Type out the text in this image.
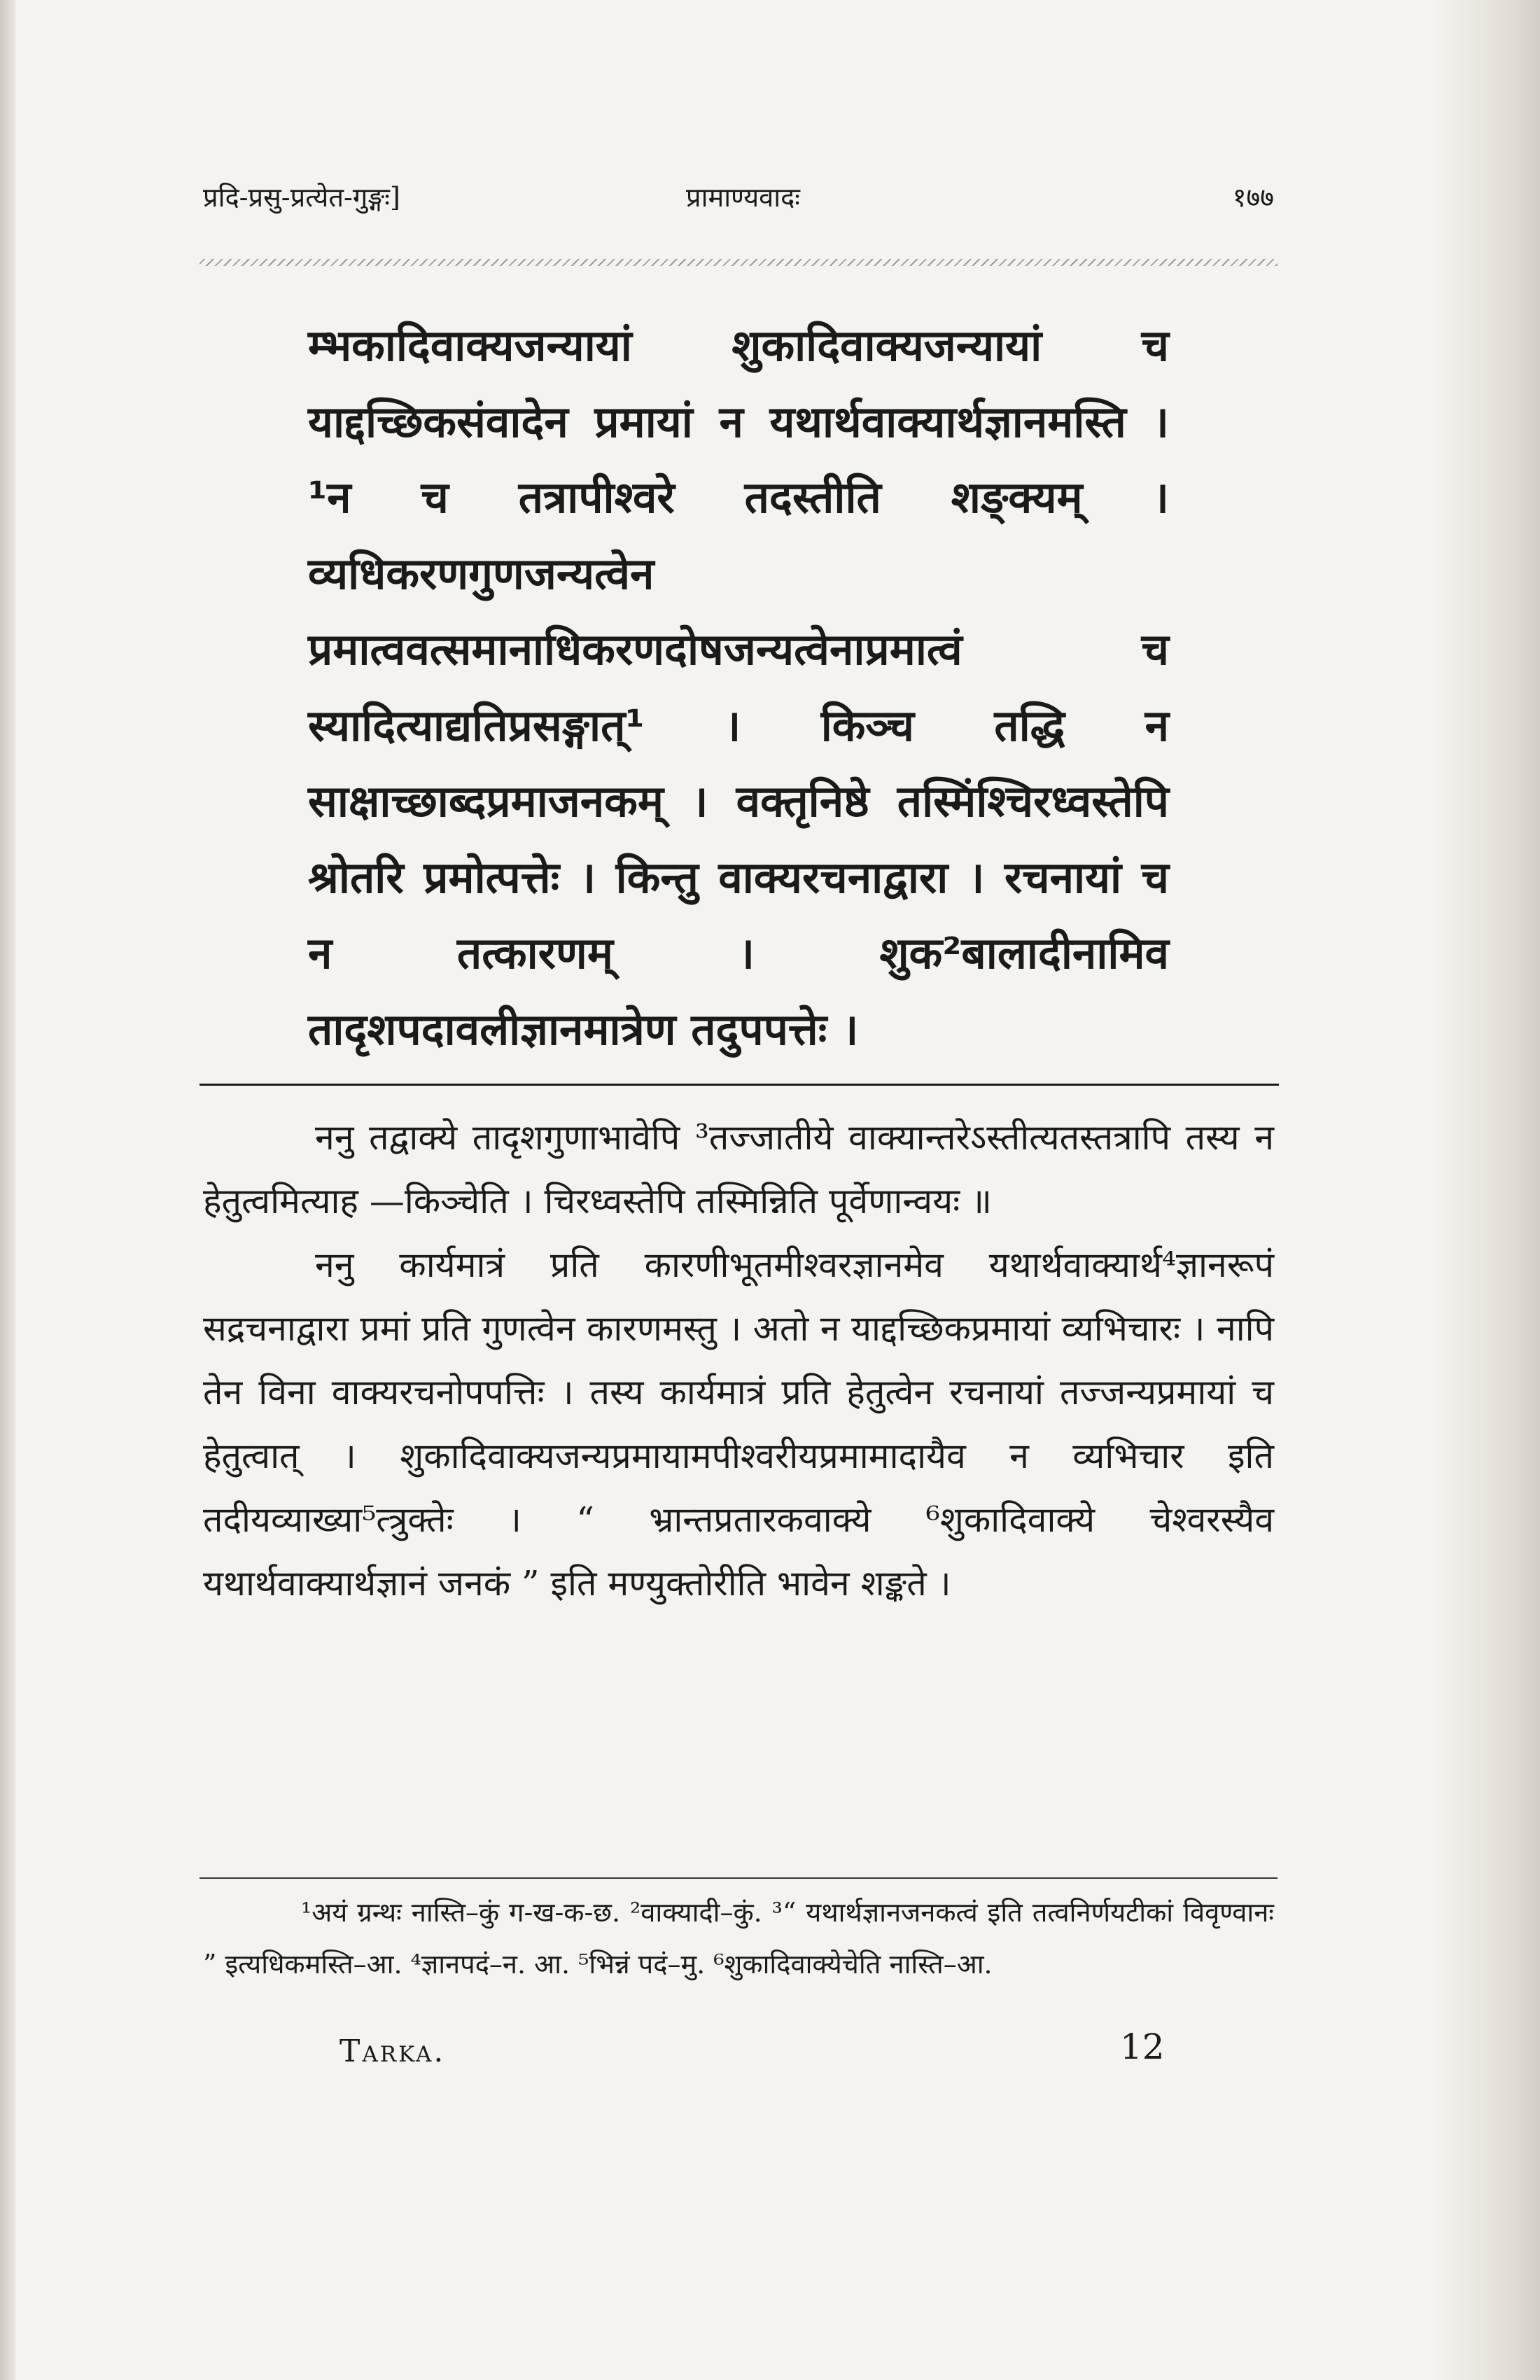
प्रदि-प्रसु-प्रत्येत-गुङ्गः]	प्रामाण्यवादः	१७७

म्भकादिवाक्यजन्यायां शुकादिवाक्यजन्यायां च याद्दच्छिकसंवादेन प्रमायां न यथार्थवाक्यार्थज्ञानमस्ति । ¹न च तत्रापीश्वरे तदस्तीति शङ्क्यम् । व्यधिकरणगुणजन्यत्वेन प्रमात्ववत्समानाधिकरणदोषजन्यत्वेनाप्रमात्वं च स्यादित्याद्यतिप्रसङ्गात्¹ । किञ्च तद्धि न साक्षाच्छाब्दप्रमाजनकम् । वक्तृनिष्ठे तस्मिंश्चिरध्वस्तेपि श्रोतरि प्रमोत्पत्तेः । किन्तु वाक्यरचनाद्वारा । रचनायां च न तत्कारणम् । शुक²बालादीनामिव तादृशपदावलीज्ञानमात्रेण तदुपपत्तेः ।

ननु तद्वाक्ये तादृशगुणाभावेपि ³तज्जातीये वाक्यान्तरेऽस्तीत्यतस्तत्रापि तस्य न हेतुत्वमित्याह —किञ्चेति । चिरध्वस्तेपि तस्मिन्निति पूर्वेणान्वयः ॥

ननु कार्यमात्रं प्रति कारणीभूतमीश्वरज्ञानमेव यथार्थवाक्यार्थ⁴ज्ञानरूपं सद्रचनाद्वारा प्रमां प्रति गुणत्वेन कारणमस्तु । अतो न याद्दच्छिकप्रमायां व्यभिचारः । नापि तेन विना वाक्यरचनोपपत्तिः । तस्य कार्यमात्रं प्रति हेतुत्वेन रचनायां तज्जन्यप्रमायां च हेतुत्वात् । शुकादिवाक्यजन्यप्रमायामपीश्वरीयप्रमामादायैव न व्यभिचार इति तदीयव्याख्या⁵त्त्रुक्तेः । “ भ्रान्तप्रतारकवाक्ये ⁶शुकादिवाक्ये चेश्वरस्यैव यथार्थवाक्यार्थज्ञानं जनकं ” इति मण्युक्तोरीति भावेन शङ्कते ।

¹अयं ग्रन्थः नास्ति–कुं ग-ख-क-छ. ²वाक्यादी–कुं. ³“ यथार्थज्ञानजनकत्वं इति तत्वनिर्णयटीकां विवृण्वानः ” इत्यधिकमस्ति–आ. ⁴ज्ञानपदं–न. आ. ⁵भिन्नं पदं–मु. ⁶शुकादिवाक्येचेति नास्ति–आ.

Tarka.	12
